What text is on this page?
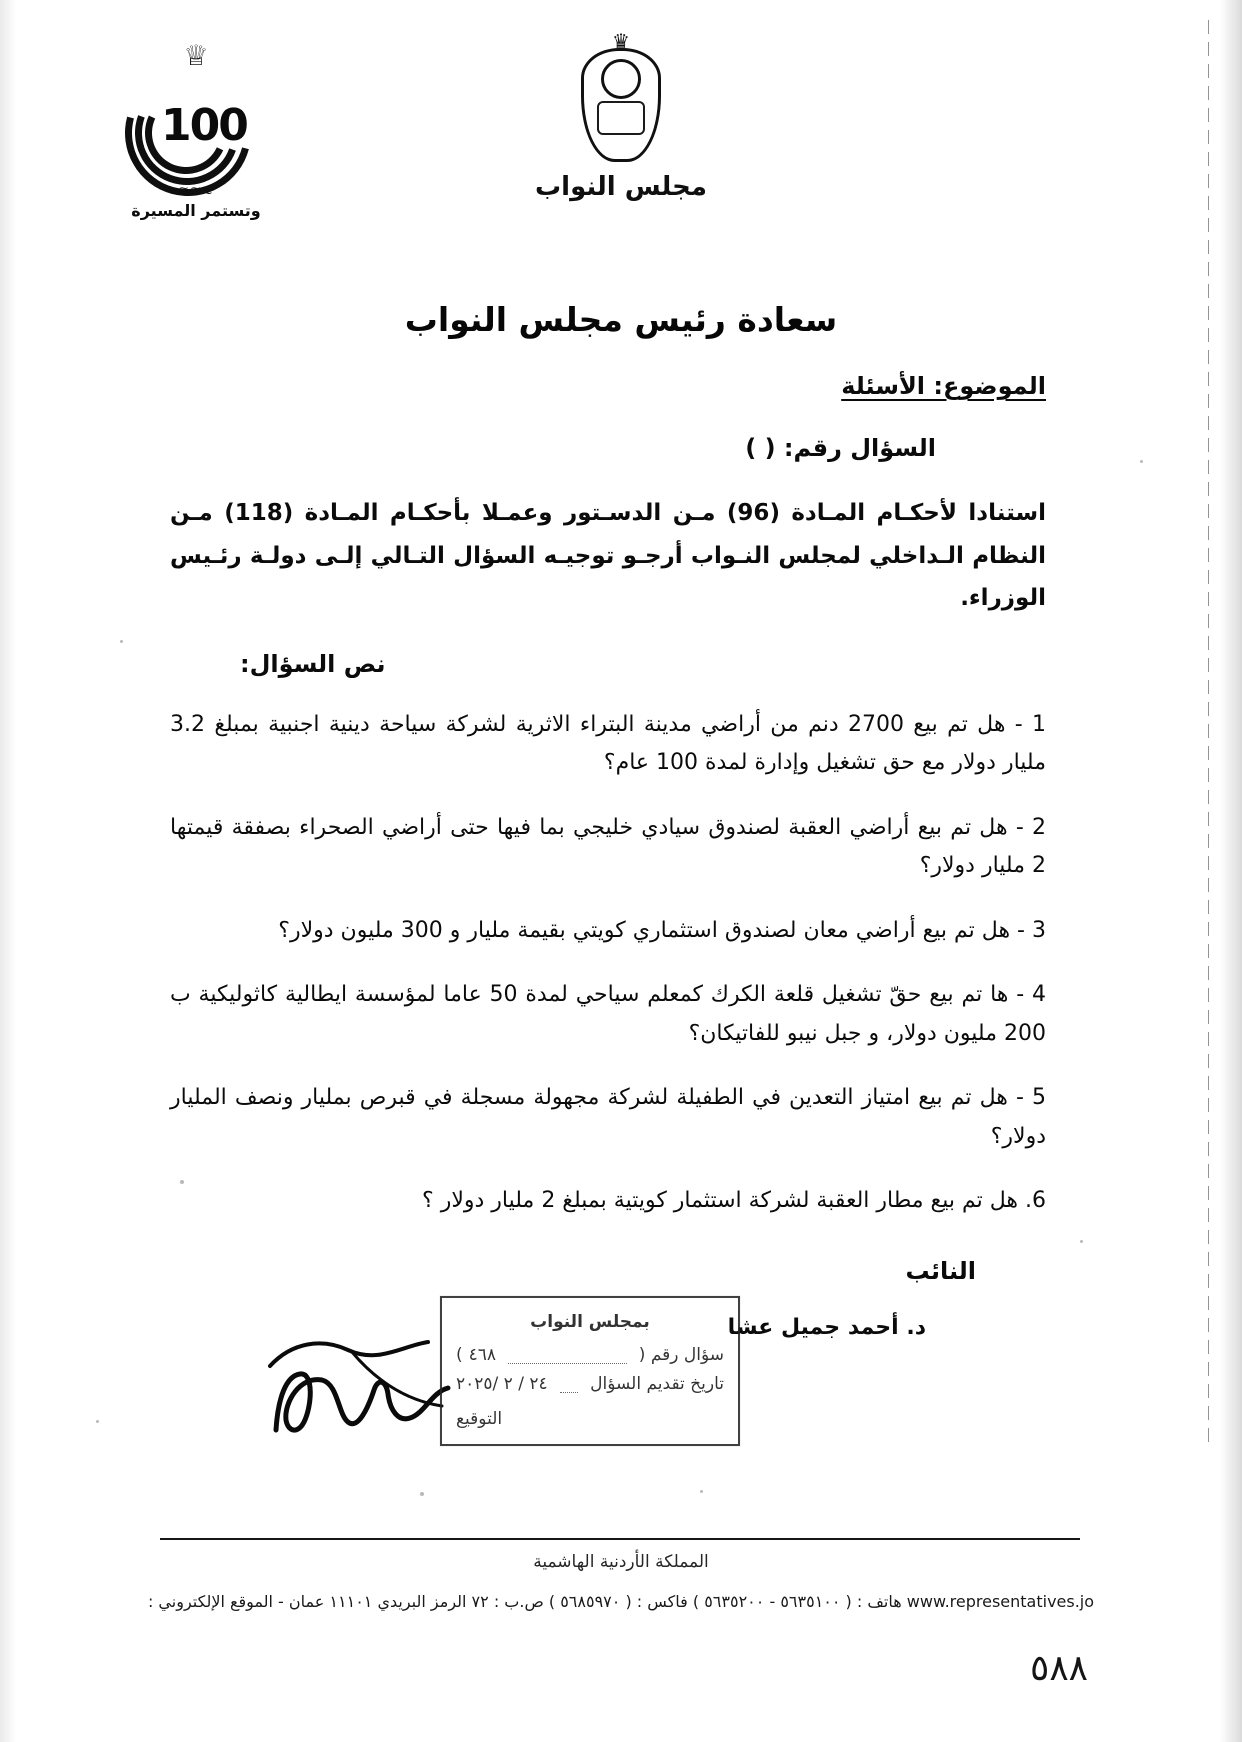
♕
100
≋≋≋
وتستمر المسيرة
♛
مجلس النواب
سعادة رئيس مجلس النواب
الموضوع: الأسئلة
السؤال رقم: ( )
استنادا لأحكـام المـادة (96) مـن الدسـتور وعمـلا بأحكـام المـادة (118) مـن النظام الـداخلي لمجلس النـواب أرجـو توجيـه السؤال التـالي إلـى دولـة رئـيس الوزراء.
نص السؤال:
1 - هل تم بيع 2700 دنم من أراضي مدينة البتراء الاثرية لشركة سياحة دينية اجنبية بمبلغ 3.2 مليار دولار مع حق تشغيل وإدارة لمدة 100 عام؟
2 - هل تم بيع أراضي العقبة لصندوق سيادي خليجي بما فيها حتى أراضي الصحراء بصفقة قيمتها 2 مليار دولار؟
3 - هل تم بيع أراضي معان لصندوق استثماري كويتي بقيمة مليار و 300 مليون دولار؟
4 - ها تم بيع حقّ تشغيل قلعة الكرك كمعلم سياحي لمدة 50 عاما لمؤسسة ايطالية كاثوليكية ب 200 مليون دولار، و جبل نيبو للفاتيكان؟
5 - هل تم بيع امتياز التعدين في الطفيلة لشركة مجهولة مسجلة في قبرص بمليار ونصف المليار دولار؟
6. هل تم بيع مطار العقبة لشركة استثمار كويتية بمبلغ 2 مليار دولار ؟
النائب
د. أحمد جميل عشا
بمجلس النواب
سؤال رقم (
٤٦٨
)
تاريخ تقديم السؤال
٢٤ / ٢ /٢٠٢٥
التوقيع
المملكة الأردنية الهاشمية
www.representatives.jo هاتف : ( ٥٦٣٥١٠٠ - ٥٦٣٥٢٠٠ ) فاكس : ( ٥٦٨٥٩٧٠ ) ص.ب : ٧٢ الرمز البريدي ١١١٠١ عمان - الموقع الإلكتروني :
٥٨٨
